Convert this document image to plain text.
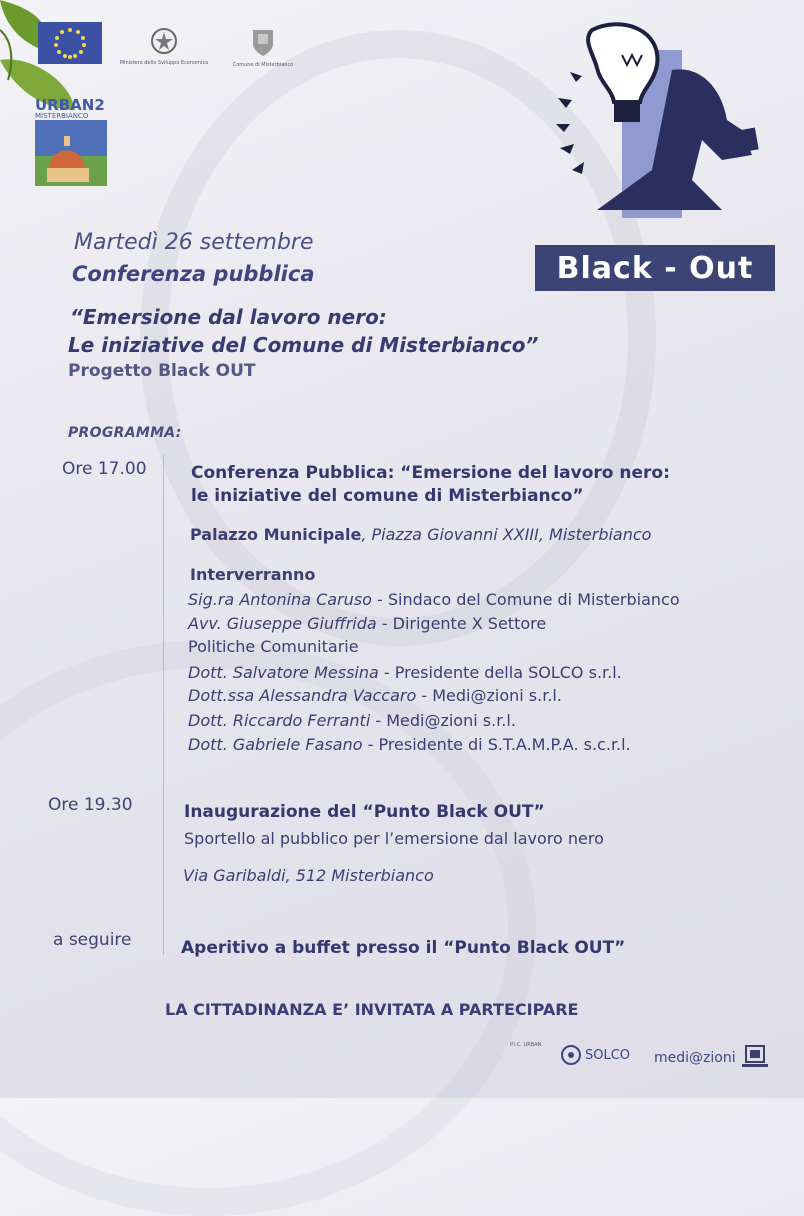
Ministero dello Sviluppo Economico	Comune di Misterbianco
URBAN2
MISTERBIANCO
Black - Out
Martedì 26 settembre
Conferenza pubblica
“Emersione dal lavoro nero:
Le iniziative del Comune di Misterbianco”
Progetto Black OUT
PROGRAMMA:
Ore 17.00	Conferenza Pubblica: “Emersione del lavoro nero:
le iniziative del comune di Misterbianco”
Palazzo Municipale, Piazza Giovanni XXIII, Misterbianco
Interverranno
Sig.ra Antonina Caruso - Sindaco del Comune di Misterbianco
Avv. Giuseppe Giuffrida - Dirigente X Settore
Politiche Comunitarie
Dott. Salvatore Messina - Presidente della SOLCO s.r.l.
Dott.ssa Alessandra Vaccaro - Medi@zioni s.r.l.
Dott. Riccardo Ferranti - Medi@zioni s.r.l.
Dott. Gabriele Fasano - Presidente di S.T.A.M.P.A. s.c.r.l.
Ore 19.30	Inaugurazione del “Punto Black OUT”
Sportello al pubblico per l’emersione dal lavoro nero
Via Garibaldi, 512 Misterbianco
a seguire	Aperitivo a buffet presso il “Punto Black OUT”
LA CITTADINANZA E’ INVITATA A PARTECIPARE
P.I.C. URBAN
SOLCO medi@zioni
